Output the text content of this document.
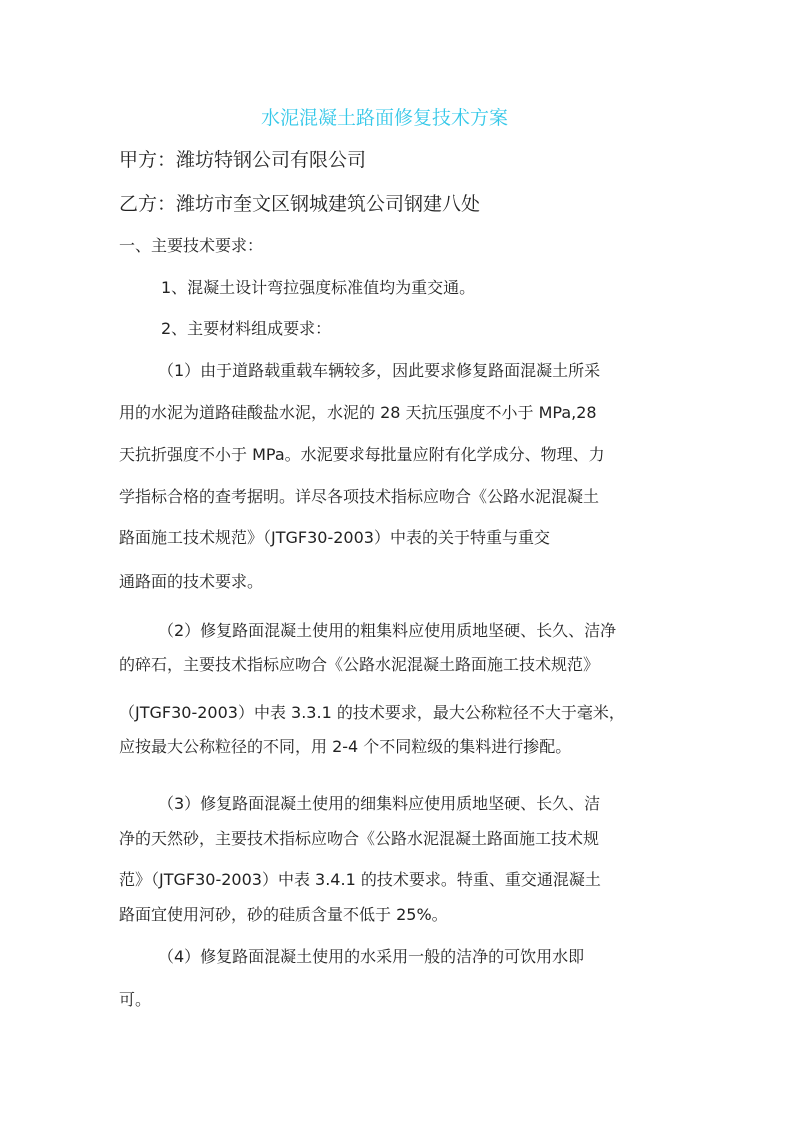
水泥混凝土路面修复技术方案
甲方：潍坊特钢公司有限公司
乙方：潍坊市奎文区钢城建筑公司钢建八处
一、主要技术要求：
1、混凝土设计弯拉强度标准值均为重交通。
2、主要材料组成要求：
（1）由于道路载重载车辆较多，因此要求修复路面混凝土所采
用的水泥为道路硅酸盐水泥，水泥的 28 天抗压强度不小于 MPa,28
天抗折强度不小于 MPa。水泥要求每批量应附有化学成分、物理、力
学指标合格的查考据明。详尽各项技术指标应吻合《公路水泥混凝土
路面施工技术规范》（JTGF30-2003）中表的关于特重与重交
通路面的技术要求。
（2）修复路面混凝土使用的粗集料应使用质地坚硬、长久、洁净
的碎石，主要技术指标应吻合《公路水泥混凝土路面施工技术规范》
（JTGF30-2003）中表 3.3.1 的技术要求，最大公称粒径不大于毫米，
应按最大公称粒径的不同，用 2-4 个不同粒级的集料进行掺配。
（3）修复路面混凝土使用的细集料应使用质地坚硬、长久、洁
净的天然砂，主要技术指标应吻合《公路水泥混凝土路面施工技术规
范》（JTGF30-2003）中表 3.4.1 的技术要求。特重、重交通混凝土
路面宜使用河砂，砂的硅质含量不低于 25%。
（4）修复路面混凝土使用的水采用一般的洁净的可饮用水即
可。
